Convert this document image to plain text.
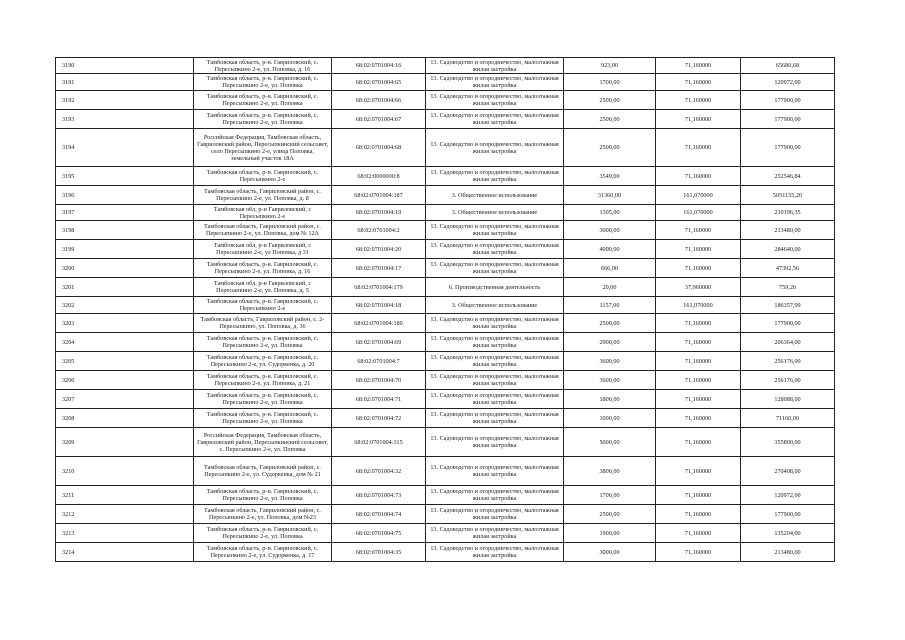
3190	Тамбовская область, р-н. Гавриловский, с. Пересыпкино 2-е, ул. Поповка, д. 16	68:02:0701004:16	13. Садоводство и огородничество, малоэтажная жилая застройка	923,00	71,160000	65680,68
3191	Тамбовская область, р-н. Гавриловский, с. Пересыпкино 2-е, ул. Поповка	68:02:0701004:65	13. Садоводство и огородничество, малоэтажная жилая застройка	1700,00	71,160000	120972,00
3192	Тамбовская область, р-н. Гавриловский, с. Пересыпкино 2-е, ул. Поповка	68:02:0701004:66	13. Садоводство и огородничество, малоэтажная жилая застройка	2500,00	71,160000	177900,00
3193	Тамбовская область, р-н. Гавриловский, с. Пересыпкино 2-е, ул. Поповка	68:02:0701004:67	13. Садоводство и огородничество, малоэтажная жилая застройка	2500,00	71,160000	177900,00
3194	Российская Федерация, Тамбовская область, Гавриловский район, Пересыпкинский сельсовет, село Пересыпкино 2-е, улица Поповка, земельный участок 18А	68:02:0701004:68	13. Садоводство и огородничество, малоэтажная жилая застройка	2500,00	71,160000	177900,00
3195	Тамбовская область, р-н. Гавриловский, с. Пересыпкино 2-е	68:02:0000000:8	13. Садоводство и огородничество, малоэтажная жилая застройка	3549,00	71,160000	252546,84
3196	Тамбовская область, Гавриловский район, с. Пересыпкино 2-е, ул. Поповка, д. 8	68:02:0701004:187	3. Общественное использование	31360,00	161,070000	5051155,20
3197	Тамбовская обл, р-н Гавриловский, с Пересыпкино 2-е	68:02:0701004:19	3. Общественное использование	1305,00	161,070000	210196,35
3198	Тамбовская область, Гавриловский район, с. Пересыпкино 2-е, ул. Поповка, дом № 12А	68:02:0701004:2	13. Садоводство и огородничество, малоэтажная жилая застройка	3000,00	71,160000	213480,00
3199	Тамбовская обл, р-н Гавриловский, с Пересыпкино 2-е, ул Поповка, д 31	68:02:0701004:20	13. Садоводство и огородничество, малоэтажная жилая застройка	4000,00	71,160000	284640,00
3200	Тамбовская область, р-н. Гавриловский, с. Пересыпкино 2-е, ул. Поповка, д. 16	68:02:0701004:17	13. Садоводство и огородничество, малоэтажная жилая застройка	666,00	71,160000	47392,56
3201	Тамбовская обл, р-н Гавриловский, с Пересыпкино 2-е, ул. Поповка, д. 5	68:02:0701004:179	6. Производственная деятельность	20,00	37,960000	759,20
3202	Тамбовская область, р-н. Гавриловский, с. Пересыпкино 2-е	68:02:0701004:18	3. Общественное использование	1157,00	161,070000	186357,99
3203	Тамбовская область, Гавриловский район, с. 2-Пересыпкино, ул. Поповка, д. 36	68:02:0701004:180	13. Садоводство и огородничество, малоэтажная жилая застройка	2500,00	71,160000	177900,00
3204	Тамбовская область, р-н. Гавриловский, с. Пересыпкино 2-е, ул. Поповка	68:02:0701004:69	13. Садоводство и огородничество, малоэтажная жилая застройка	2900,00	71,160000	206364,00
3205	Тамбовская область, р-н. Гавриловский, с. Пересыпкино 2-е, ул. Судоркенка, д. 20	68:02:0701004:7	13. Садоводство и огородничество, малоэтажная жилая застройка	3600,00	71,160000	256176,00
3206	Тамбовская область, р-н. Гавриловский, с. Пересыпкино 2-е, ул. Поповка, д. 21	68:02:0701004:70	13. Садоводство и огородничество, малоэтажная жилая застройка	3600,00	71,160000	256176,00
3207	Тамбовская область, р-н. Гавриловский, с. Пересыпкино 2-е, ул. Поповка	68:02:0701004:71	13. Садоводство и огородничество, малоэтажная жилая застройка	1800,00	71,160000	128088,00
3208	Тамбовская область, р-н. Гавриловский, с. Пересыпкино 2-е, ул. Поповка	68:02:0701004:72	13. Садоводство и огородничество, малоэтажная жилая застройка	1000,00	71,160000	71160,00
3209	Российская Федерация, Тамбовская область, Гавриловский район, Пересыпкинский сельсовет, с. Пересыпкино 2-е, ул. Поповка	68:02:0701004:315	13. Садоводство и огородничество, малоэтажная жилая застройка	5000,00	71,160000	355800,00
3210	Тамбовская область, Гавриловский район, с. Пересыпкино 2-е, ул. Судоркенка, дом № 21	68:02:0701004:32	13. Садоводство и огородничество, малоэтажная жилая застройка	3800,00	71,160000	270408,00
3211	Тамбовская область, р-н. Гавриловский, с. Пересыпкино 2-е, ул. Поповка	68:02:0701004:73	13. Садоводство и огородничество, малоэтажная жилая застройка	1700,00	71,160000	120972,00
3212	Тамбовская область, Гавриловский район, с. Пересыпкино 2-е, ул. Поповка, дом №23	68:02:0701004:74	13. Садоводство и огородничество, малоэтажная жилая застройка	2500,00	71,160000	177900,00
3213	Тамбовская область, р-н. Гавриловский, с. Пересыпкино 2-е, ул. Поповка	68:02:0701004:75	13. Садоводство и огородничество, малоэтажная жилая застройка	1900,00	71,160000	135204,00
3214	Тамбовская область, р-н. Гавриловский, с. Пересыпкино 2-е, ул. Судоркенка, д. 17	68:02:0701004:35	13. Садоводство и огородничество, малоэтажная жилая застройка	3000,00	71,160000	213480,00
